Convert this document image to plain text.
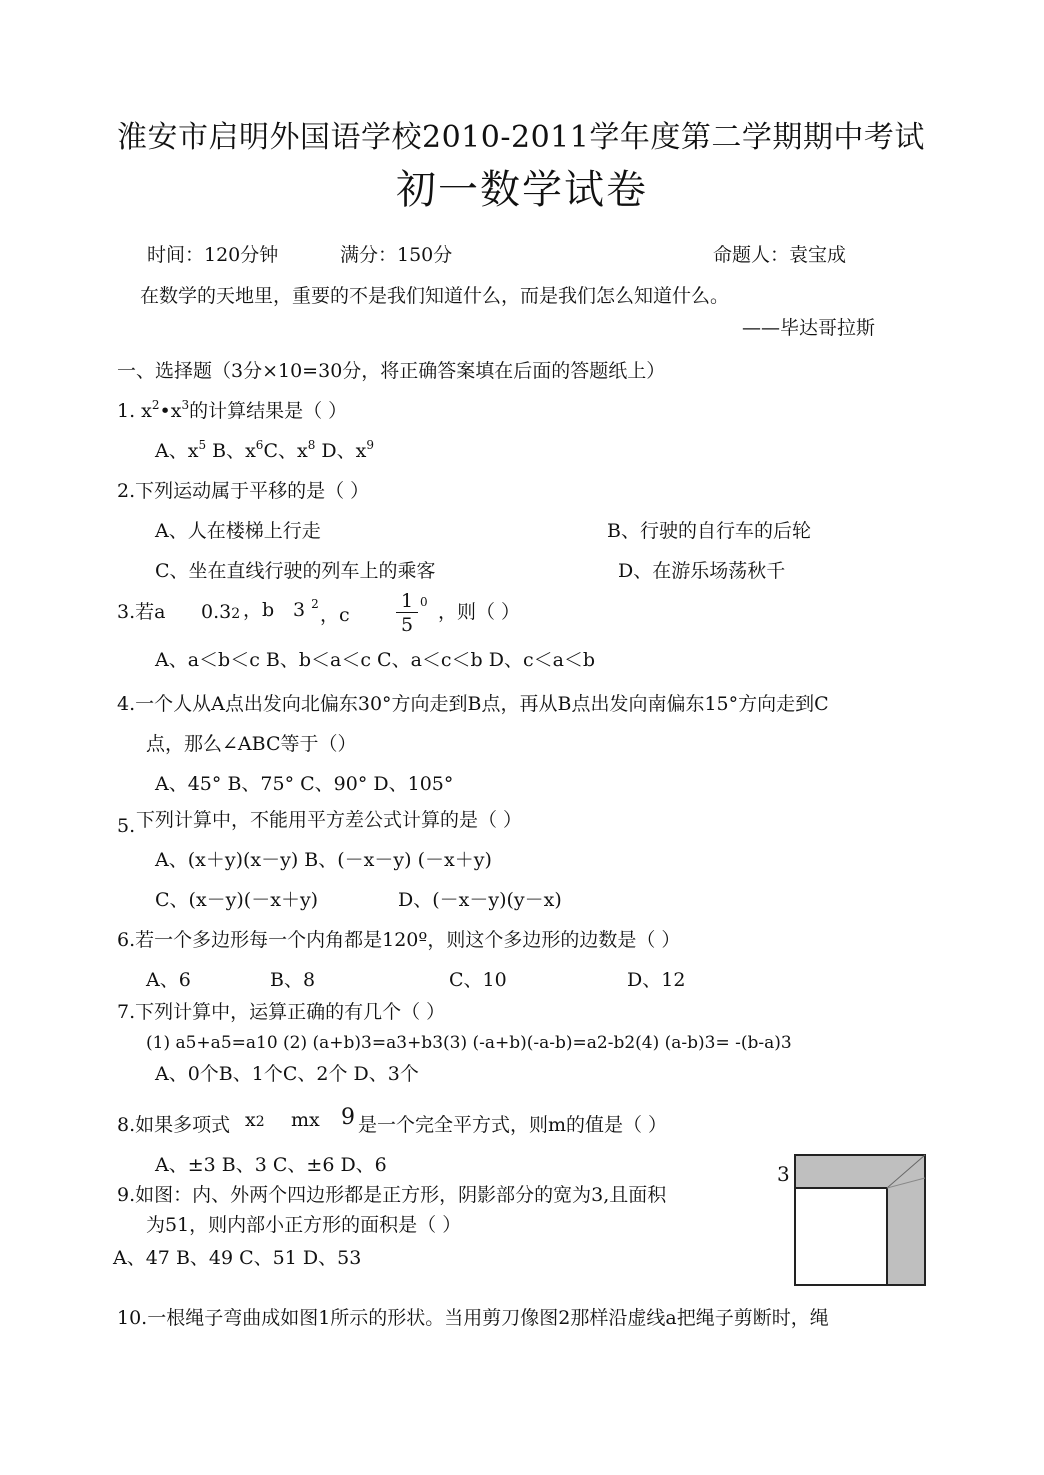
淮安市启明外国语学校2010-2011学年度第二学期期中考试
初一数学试卷
时间：120分钟	满分：150分	命题人：袁宝成
在数学的天地里，重要的不是我们知道什么，而是我们怎么知道什么。
——毕达哥拉斯
一、选择题（3分×10=30分，将正确答案填在后面的答题纸上）
1. $x^2•x^3$的计算结果是（ ）
A、$x^5$ B、$x^6C$、$x^8$ D、$x^9$
2.下列运动属于平移的是（ ）
A、人在楼梯上行走	B、行驶的自行车的后轮
C、坐在直线行驶的列车上的乘客	D、在游乐场荡秋千
3.若a 0.32 ，b 3 $^2$ ，c $\frac{1}{5} 0$ ，则（ ）
A、a＜b＜c B、b＜a＜c C、a＜c＜b D、c＜a＜b
4.一个人从A点出发向北偏东30°方向走到B点，再从B点出发向南偏东15°方向走到C
点，那么∠ABC等于（）
A、45° B、75° C、90° D、105°
5. 下列计算中，不能用平方差公式计算的是（ ）
A、(x＋y)(x－y) B、(－x－y) (－x＋y)
C、(x－y)(－x＋y)	D、(－x－y)(y－x)
6.若一个多边形每一个内角都是120º，则这个多边形的边数是（ ）
A、6	B、8	C、10	D、12
7.下列计算中，运算正确的有几个（ ）
(1) a5+a5=a10 (2) (a+b)3=a3+b3(3) (-a+b)(-a-b)=a2-b2(4) (a-b)3= -(b-a)3
A、0个B、1个C、2个 D、3个
8.如果多项式 x2 mx 9 是一个完全平方式，则m的值是（ ）
A、±3 B、3 C、±6 D、6
9.如图：内、外两个四边形都是正方形，阴影部分的宽为3,且面积
为51，则内部小正方形的面积是（ ）
A、47 B、49 C、51 D、53
3
10.一根绳子弯曲成如图1所示的形状。当用剪刀像图2那样沿虚线a把绳子剪断时，绳
